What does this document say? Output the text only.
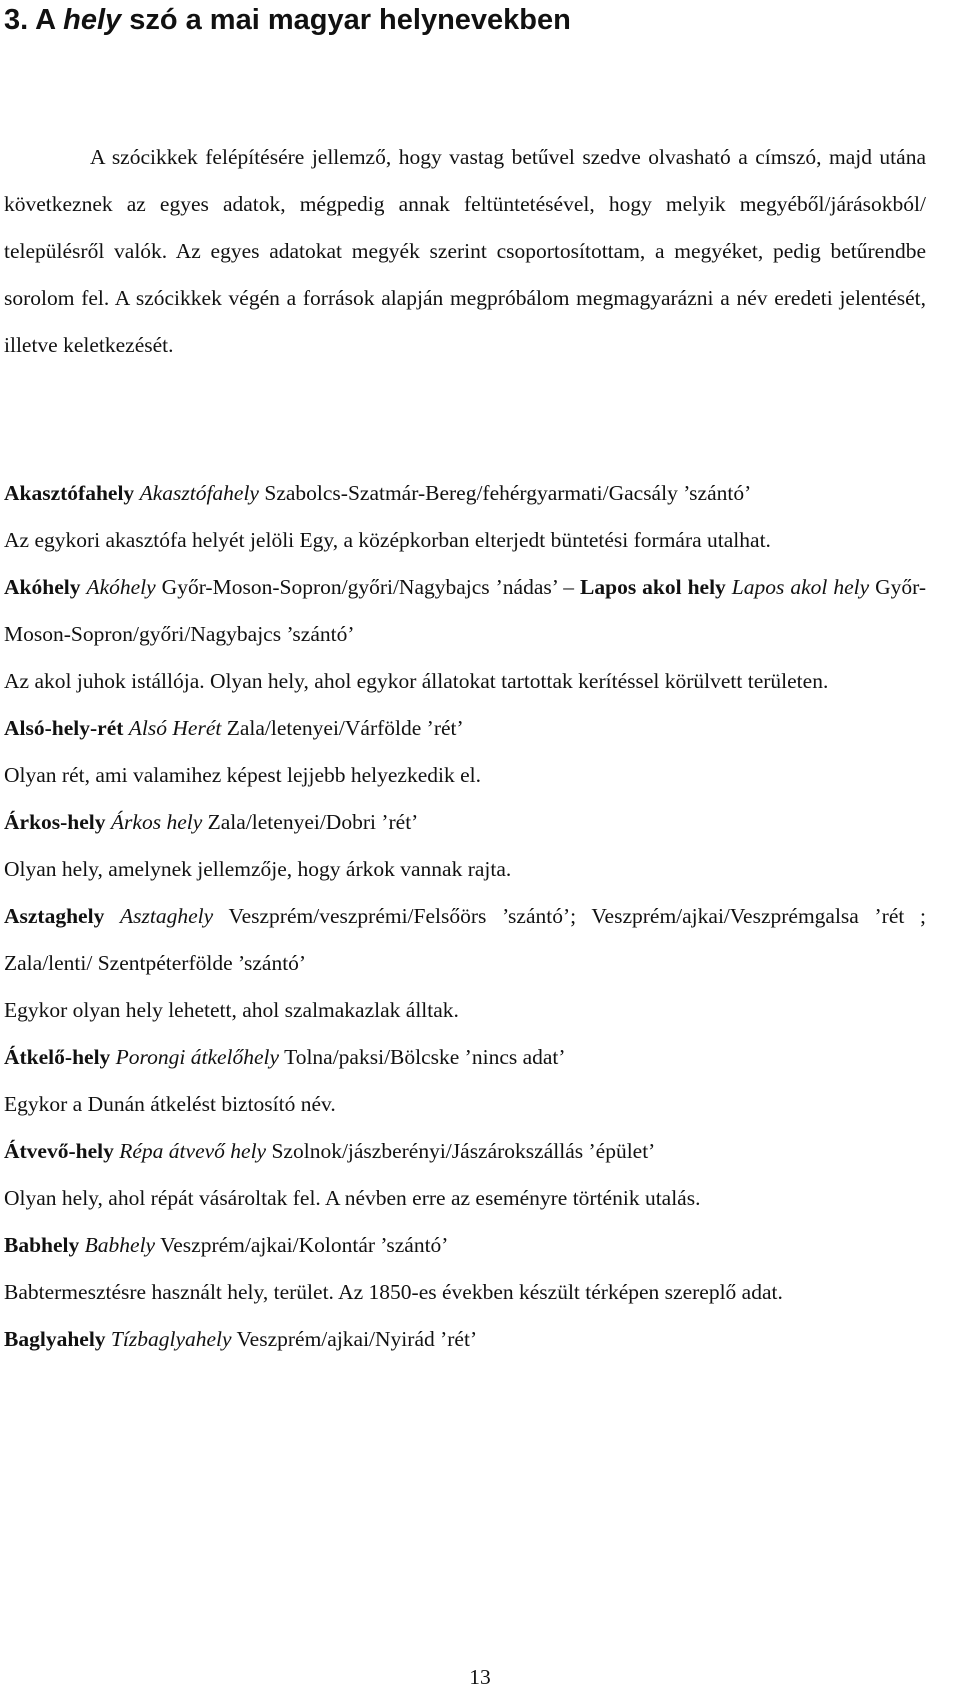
3. A hely szó a mai magyar helynevekben

A szócikkek felépítésére jellemző, hogy vastag betűvel szedve olvasható a címszó, majd utána következnek az egyes adatok, mégpedig annak feltüntetésével, hogy melyik megyéből/járásokból/ településről valók. Az egyes adatokat megyék szerint csoportosítottam, a megyéket, pedig betűrendbe sorolom fel. A szócikkek végén a források alapján megpróbálom megmagyarázni a név eredeti jelentését, illetve keletkezését.

Akasztófahely Akasztófahely Szabolcs-Szatmár-Bereg/fehérgyarmati/Gacsály ’szántó’

Az egykori akasztófa helyét jelöli Egy, a középkorban elterjedt büntetési formára utalhat.

Akóhely Akóhely Győr-Moson-Sopron/győri/Nagybajcs ’nádas’ – Lapos akol hely Lapos akol hely Győr-Moson-Sopron/győri/Nagybajcs ’szántó’

Az akol juhok istállója. Olyan hely, ahol egykor állatokat tartottak kerítéssel körülvett területen.

Alsó-hely-rét Alsó Herét Zala/letenyei/Várfölde ’rét’

Olyan rét, ami valamihez képest lejjebb helyezkedik el.

Árkos-hely Árkos hely Zala/letenyei/Dobri ’rét’

Olyan hely, amelynek jellemzője, hogy árkok vannak rajta.

Asztaghely Asztaghely Veszprém/veszprémi/Felsőörs ’szántó’; Veszprém/ajkai/Veszprémgalsa ’rét ; Zala/lenti/ Szentpéterfölde ’szántó’

Egykor olyan hely lehetett, ahol szalmakazlak álltak.

Átkelő-hely Porongi átkelőhely Tolna/paksi/Bölcske ’nincs adat’

Egykor a Dunán átkelést biztosító név.

Átvevő-hely Répa átvevő hely Szolnok/jászberényi/Jászárokszállás ’épület’

Olyan hely, ahol répát vásároltak fel. A névben erre az eseményre történik utalás.

Babhely Babhely Veszprém/ajkai/Kolontár ’szántó’

Babtermesztésre használt hely, terület. Az 1850-es években készült térképen szereplő adat.

Baglyahely Tízbaglyahely Veszprém/ajkai/Nyirád ’rét’

13
